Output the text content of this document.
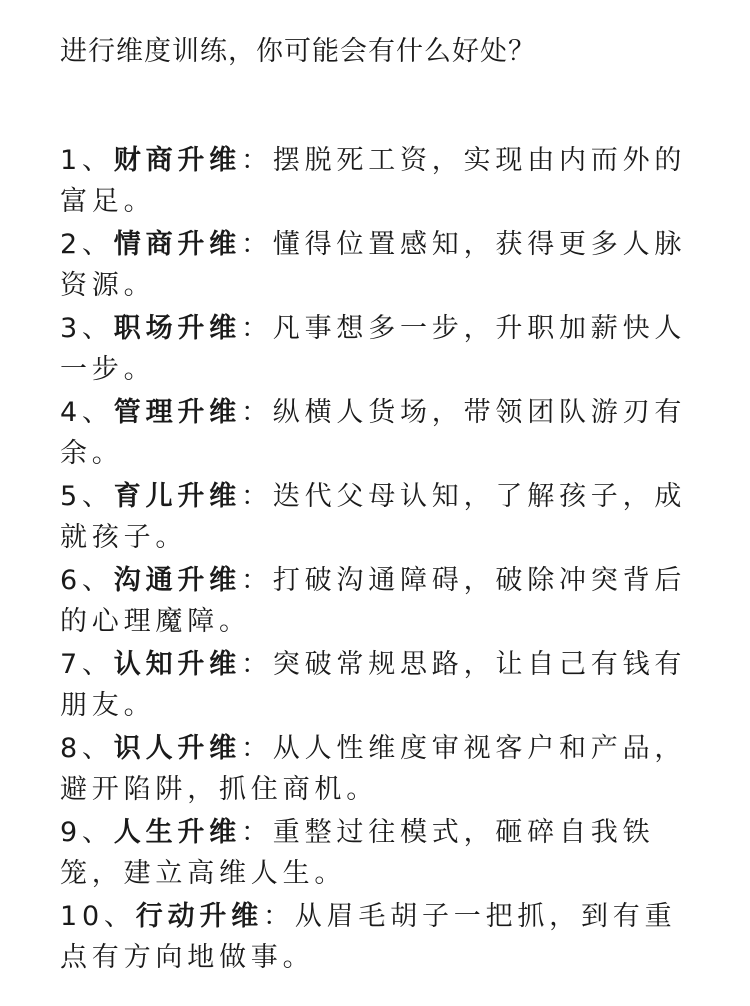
进行维度训练，你可能会有什么好处？
1、财商升维：摆脱死工资，实现由内而外的富足。
2、情商升维：懂得位置感知，获得更多人脉资源。
3、职场升维：凡事想多一步，升职加薪快人一步。
4、管理升维：纵横人货场，带领团队游刃有余。
5、育儿升维：迭代父母认知，了解孩子，成就孩子。
6、沟通升维：打破沟通障碍，破除冲突背后的心理魔障。
7、认知升维：突破常规思路，让自己有钱有朋友。
8、识人升维：从人性维度审视客户和产品，避开陷阱，抓住商机。
9、人生升维：重整过往模式，砸碎自我铁笼，建立高维人生。
10、行动升维：从眉毛胡子一把抓，到有重点有方向地做事。
